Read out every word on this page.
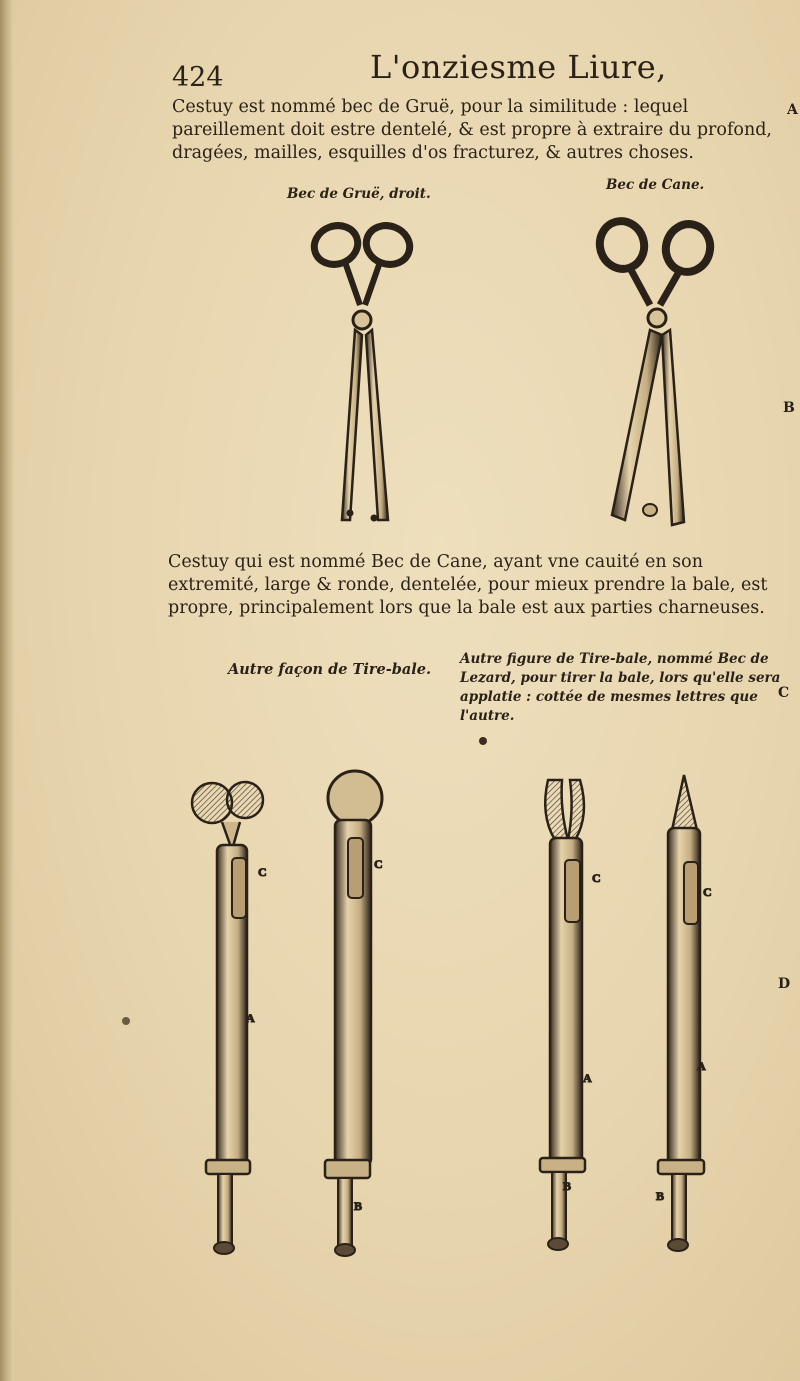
424	L'onziesme Liure,

Cestuy est nommé bec de Gruë, pour la similitude : lequel pareillement doit estre dentelé, & est propre à extraire du profond, dragées, mailles, esquilles d'os fracturez, & autres choses.

Bec de Gruë, droit.
Bec de Cane.

Cestuy qui est nommé Bec de Cane, ayant vne cauité en son extremité, large & ronde, dentelée, pour mieux prendre la bale, est propre, principalement lors que la bale est aux parties charneuses.

Autre façon de Tire-bale.
Autre figure de Tire-bale, nommé Bec de Lezard, pour tirer la bale, lors qu'elle sera applatie : cottée de mesmes lettres que l'autre.
A
B
C
D
C
A
C
B
C
A
B
C
A
B
